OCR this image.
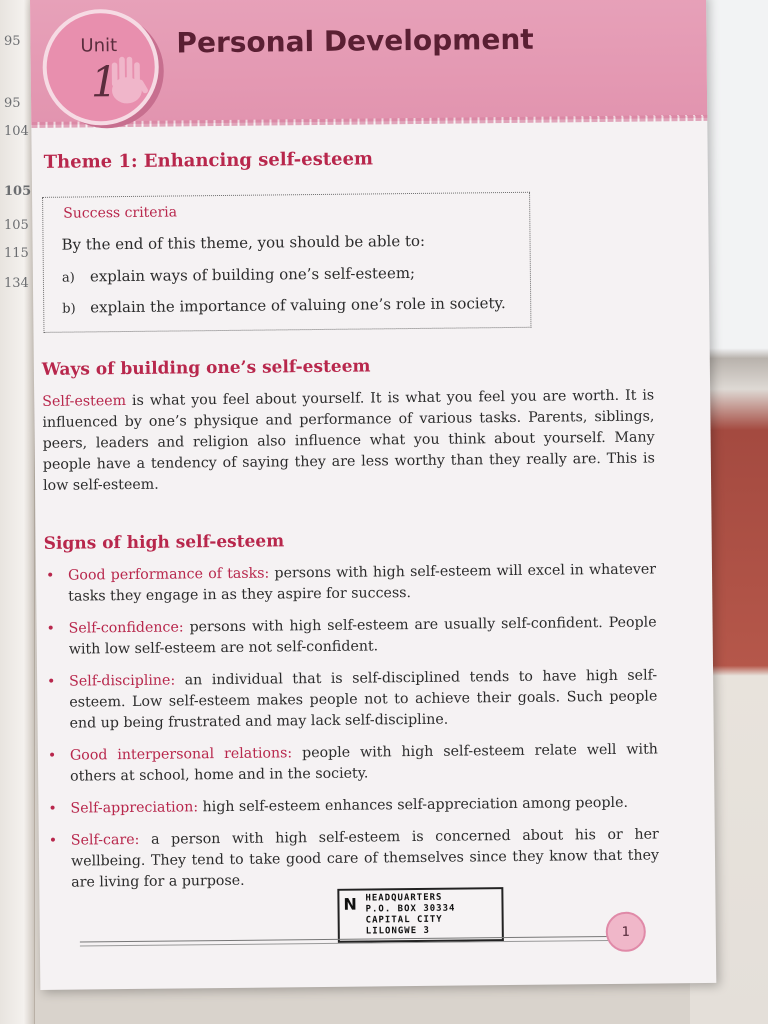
95
95
104
105
105
115
134
Unit
1
Personal Development
Theme 1: Enhancing self-esteem
Success criteria
By the end of this theme, you should be able to:
a) explain ways of building one’s self-esteem;
b) explain the importance of valuing one’s role in society.
Ways of building one’s self-esteem
Self-esteem is what you feel about yourself. It is what you feel you are worth. It is influenced by one’s physique and performance of various tasks. Parents, siblings, peers, leaders and religion also influence what you think about yourself. Many people have a tendency of saying they are less worthy than they really are. This is low self-esteem.
Signs of high self-esteem
• Good performance of tasks: persons with high self-esteem will excel in whatever tasks they engage in as they aspire for success.
• Self-confidence: persons with high self-esteem are usually self-confident. People with low self-esteem are not self-confident.
• Self-discipline: an individual that is self-disciplined tends to have high self-esteem. Low self-esteem makes people not to achieve their goals. Such people end up being frustrated and may lack self-discipline.
• Good interpersonal relations: people with high self-esteem relate well with others at school, home and in the society.
• Self-appreciation: high self-esteem enhances self-appreciation among people.
• Self-care: a person with high self-esteem is concerned about his or her wellbeing. They tend to take good care of themselves since they know that they are living for a purpose.
N HEADQUARTERS
P.O. BOX 30334
CAPITAL CITY
LILONGWE 3	1
